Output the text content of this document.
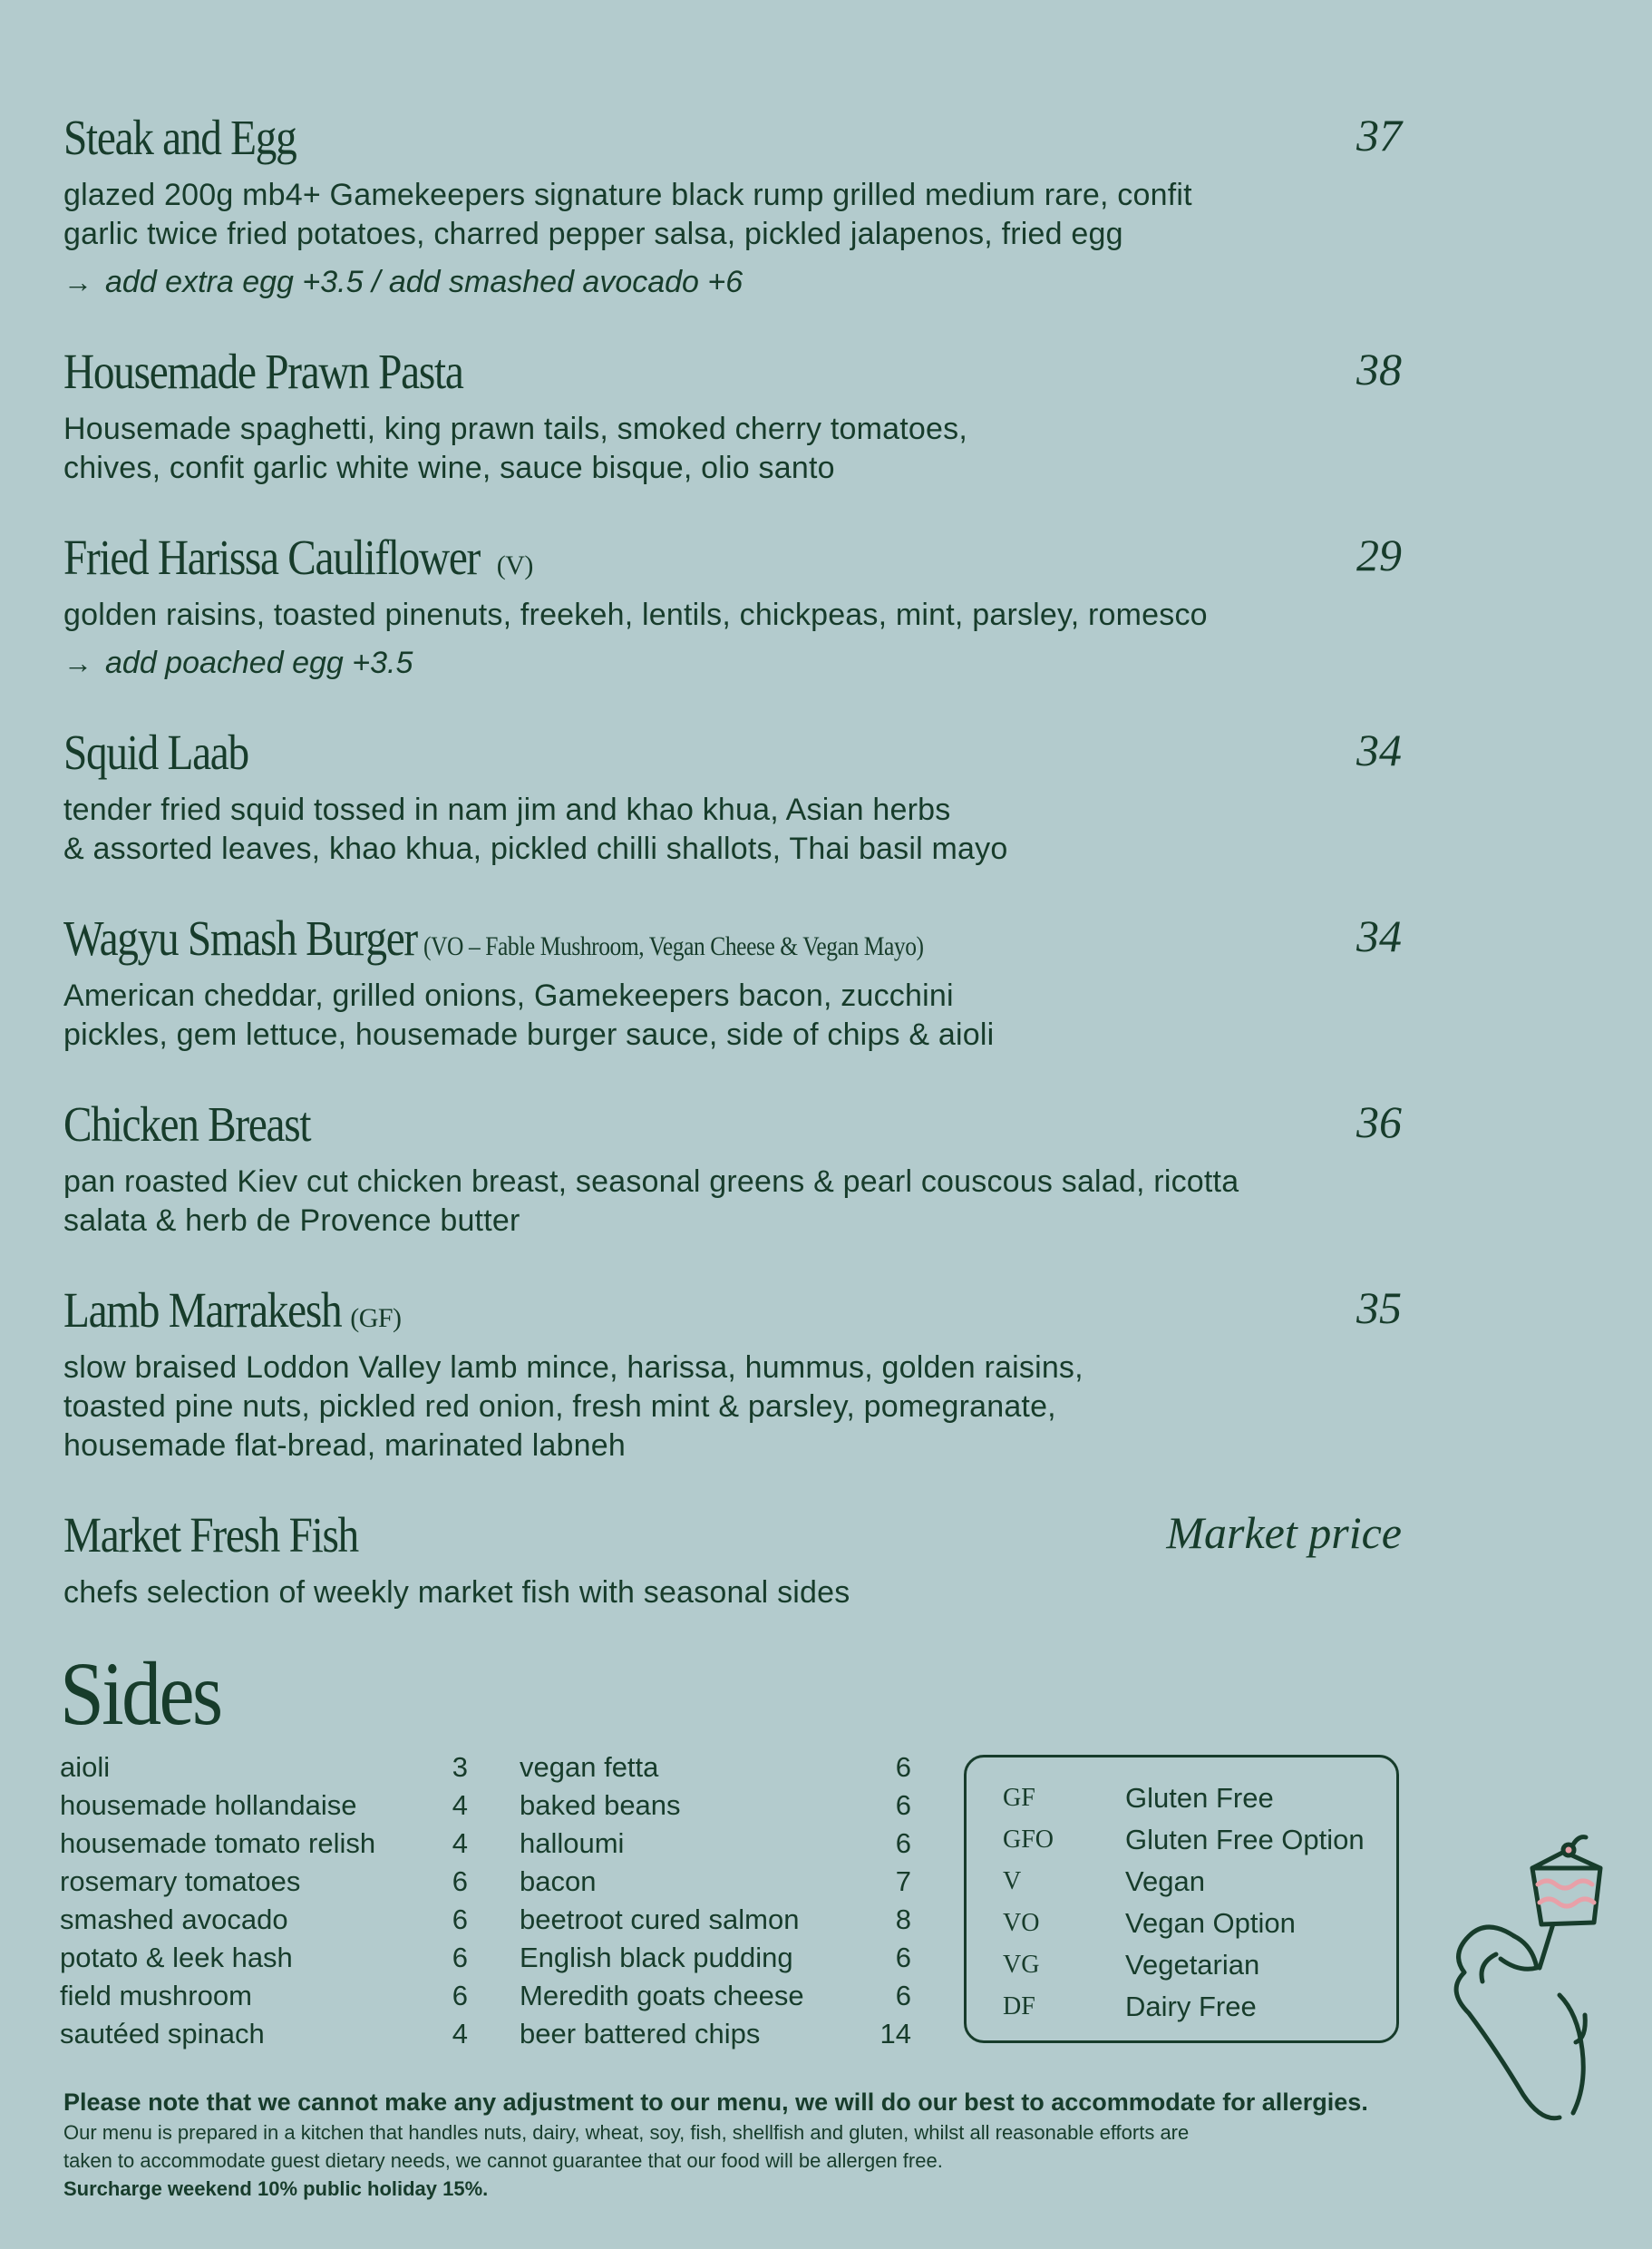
Steak and Egg	37
glazed 200g mb4+ Gamekeepers signature black rump grilled medium rare, confit
garlic twice fried potatoes, charred pepper salsa, pickled jalapenos, fried egg
→ add extra egg +3.5 / add smashed avocado +6
Housemade Prawn Pasta	38
Housemade spaghetti, king prawn tails, smoked cherry tomatoes,
chives, confit garlic white wine, sauce bisque, olio santo
Fried Harissa Cauliflower (V)	29
golden raisins, toasted pinenuts, freekeh, lentils, chickpeas, mint, parsley, romesco
→ add poached egg +3.5
Squid Laab	34
tender fried squid tossed in nam jim and khao khua, Asian herbs
& assorted leaves, khao khua, pickled chilli shallots, Thai basil mayo
Wagyu Smash Burger (VO – Fable Mushroom, Vegan Cheese & Vegan Mayo)	34
American cheddar, grilled onions, Gamekeepers bacon, zucchini
pickles, gem lettuce, housemade burger sauce, side of chips & aioli
Chicken Breast	36
pan roasted Kiev cut chicken breast, seasonal greens & pearl couscous salad, ricotta
salata & herb de Provence butter
Lamb Marrakesh (GF)	35
slow braised Loddon Valley lamb mince, harissa, hummus, golden raisins,
toasted pine nuts, pickled red onion, fresh mint & parsley, pomegranate,
housemade flat-bread, marinated labneh
Market Fresh Fish	Market price
chefs selection of weekly market fish with seasonal sides
Sides
aioli	3
housemade hollandaise	4
housemade tomato relish	4
rosemary tomatoes	6
smashed avocado	6
potato & leek hash	6
field mushroom	6
sautéed spinach	4
vegan fetta	6
baked beans	6
halloumi	6
bacon	7
beetroot cured salmon	8
English black pudding	6
Meredith goats cheese	6
beer battered chips	14
GF	Gluten Free
GFO	Gluten Free Option
V	Vegan
VO	Vegan Option
VG	Vegetarian
DF	Dairy Free
Please note that we cannot make any adjustment to our menu, we will do our best to accommodate for allergies.
Our menu is prepared in a kitchen that handles nuts, dairy, wheat, soy, fish, shellfish and gluten, whilst all reasonable efforts are
taken to accommodate guest dietary needs, we cannot guarantee that our food will be allergen free.
Surcharge weekend 10% public holiday 15%.
